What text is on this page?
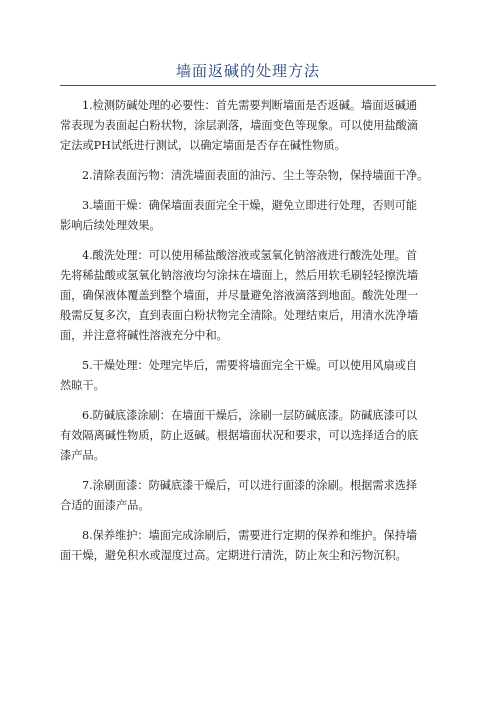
墙面返碱的处理方法
1.检测防碱处理的必要性：首先需要判断墙面是否返碱。墙面返碱通
常表现为表面起白粉状物，涂层剥落，墙面变色等现象。可以使用盐酸滴
定法或PH试纸进行测试，以确定墙面是否存在碱性物质。
2.清除表面污物：清洗墙面表面的油污、尘土等杂物，保持墙面干净。
3.墙面干燥：确保墙面表面完全干燥，避免立即进行处理，否则可能
影响后续处理效果。
4.酸洗处理：可以使用稀盐酸溶液或氢氧化钠溶液进行酸洗处理。首
先将稀盐酸或氢氧化钠溶液均匀涂抹在墙面上，然后用软毛刷轻轻擦洗墙
面，确保液体覆盖到整个墙面，并尽量避免溶液滴落到地面。酸洗处理一
般需反复多次，直到表面白粉状物完全清除。处理结束后，用清水洗净墙
面，并注意将碱性溶液充分中和。
5.干燥处理：处理完毕后，需要将墙面完全干燥。可以使用风扇或自
然晾干。
6.防碱底漆涂刷：在墙面干燥后，涂刷一层防碱底漆。防碱底漆可以
有效隔离碱性物质，防止返碱。根据墙面状况和要求，可以选择适合的底
漆产品。
7.涂刷面漆：防碱底漆干燥后，可以进行面漆的涂刷。根据需求选择
合适的面漆产品。
8.保养维护：墙面完成涂刷后，需要进行定期的保养和维护。保持墙
面干燥，避免积水或湿度过高。定期进行清洗，防止灰尘和污物沉积。
